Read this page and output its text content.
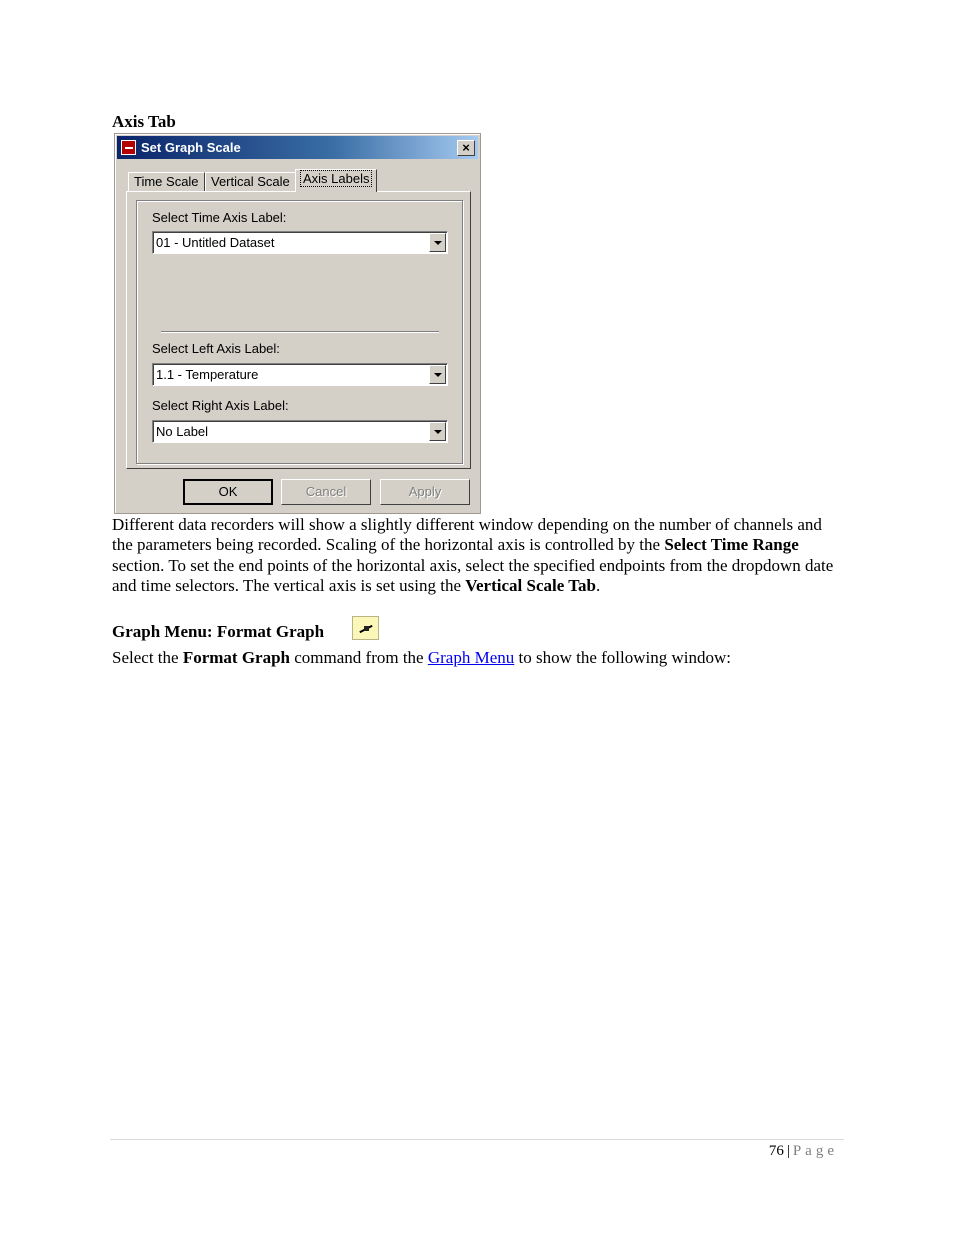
Axis Tab
Set Graph Scale	×
Time Scale Vertical Scale	Axis Labels
Select Time Axis Label:
01 - Untitled Dataset
Select Left Axis Label:
1.1 - Temperature
Select Right Axis Label:
No Label
OK	Cancel	Apply
Different data recorders will show a slightly different window depending on the number of channels and the parameters being recorded. Scaling of the horizontal axis is controlled by the Select Time Range section. To set the end points of the horizontal axis, select the specified endpoints from the dropdown date and time selectors. The vertical axis is set using the Vertical Scale Tab.
Graph Menu: Format Graph
Select the Format Graph command from the Graph Menu to show the following window:
76 | Page
